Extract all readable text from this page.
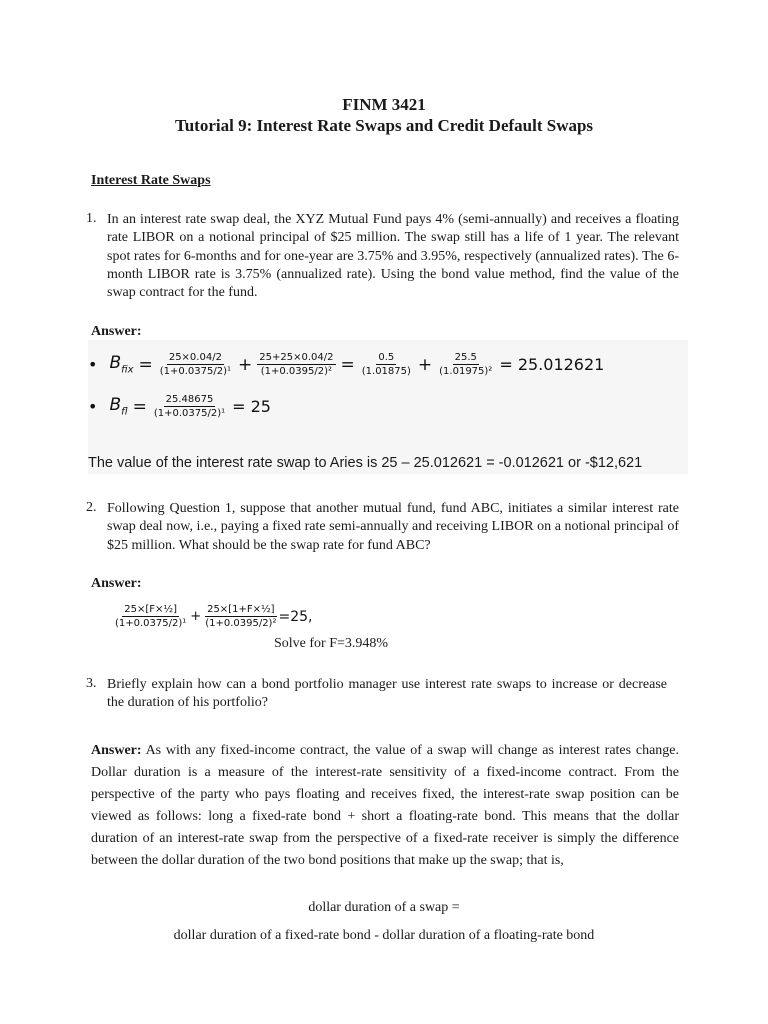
FINM 3421
Tutorial 9: Interest Rate Swaps and Credit Default Swaps
Interest Rate Swaps
1. In an interest rate swap deal, the XYZ Mutual Fund pays 4% (semi-annually) and receives a floating rate LIBOR on a notional principal of $25 million. The swap still has a life of 1 year. The relevant spot rates for 6-months and for one-year are 3.75% and 3.95%, respectively (annualized rates). The 6-month LIBOR rate is 3.75% (annualized rate). Using the bond value method, find the value of the swap contract for the fund.
Answer:
• $B_{fix} = \frac{25\times 0.04/2}{\text{(1+0.0375/2)¹}} + \frac{25+25\times 0.04/2}{\text{(1+0.0395/2)²}} = \frac{0.5}{(1.01875)} + \frac{25.5}{\text{(1.01975)²}} = 25.012621$
• $B_{fl} = \frac{25.48675}{\text{(1+0.0375/2)¹}} = 25$
The value of the interest rate swap to Aries is 25 – 25.012621 = -0.012621 or -$12,621
2. Following Question 1, suppose that another mutual fund, fund ABC, initiates a similar interest rate swap deal now, i.e., paying a fixed rate semi-annually and receiving LIBOR on a notional principal of $25 million. What should be the swap rate for fund ABC?
Answer:
$\frac{\text{25×[F×½]}}{\text{(1+0.0375/2)¹}} + \frac{\text{25×[1+F×½]}}{\text{(1+0.0395/2)²}} =25$,
Solve for F=3.948%
3. Briefly explain how can a bond portfolio manager use interest rate swaps to increase or decrease the duration of his portfolio?
Answer: As with any fixed-income contract, the value of a swap will change as interest rates change. Dollar duration is a measure of the interest-rate sensitivity of a fixed-income contract. From the perspective of the party who pays floating and receives fixed, the interest-rate swap position can be viewed as follows: long a fixed-rate bond + short a floating-rate bond. This means that the dollar duration of an interest-rate swap from the perspective of a fixed-rate receiver is simply the difference between the dollar duration of the two bond positions that make up the swap; that is,
dollar duration of a swap =
dollar duration of a fixed-rate bond - dollar duration of a floating-rate bond
